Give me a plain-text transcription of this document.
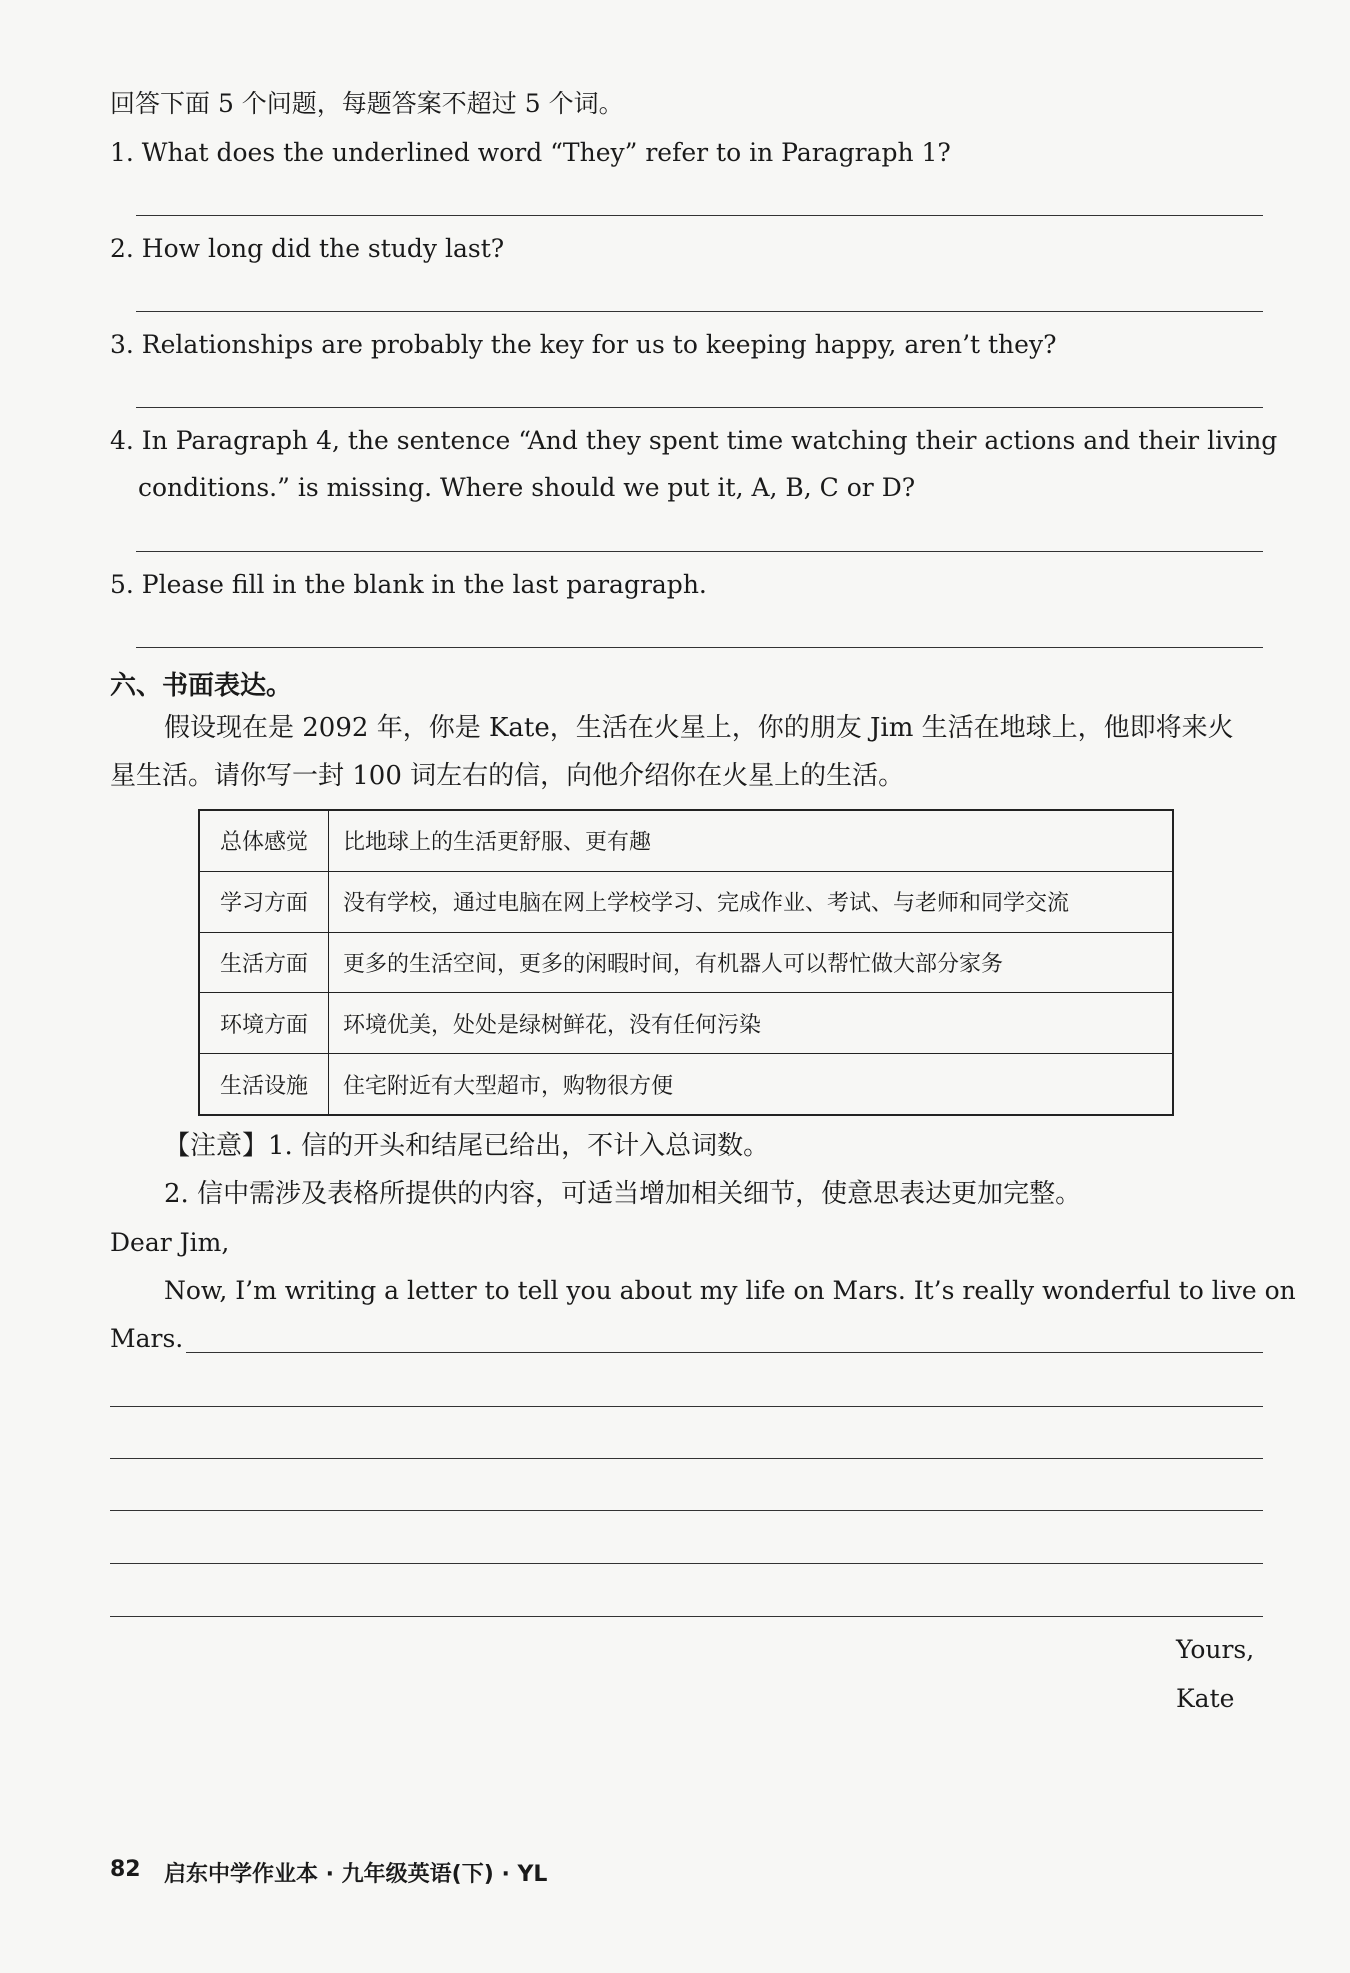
回答下面 5 个问题，每题答案不超过 5 个词。
1. What does the underlined word “They” refer to in Paragraph 1?
2. How long did the study last?
3. Relationships are probably the key for us to keeping happy, aren’t they?
4. In Paragraph 4, the sentence “And they spent time watching their actions and their living
conditions.” is missing. Where should we put it, A, B, C or D?
5. Please fill in the blank in the last paragraph.
六、书面表达。
假设现在是 2092 年，你是 Kate，生活在火星上，你的朋友 Jim 生活在地球上，他即将来火
星生活。请你写一封 100 词左右的信，向他介绍你在火星上的生活。
总体感觉	比地球上的生活更舒服、更有趣
学习方面	没有学校，通过电脑在网上学校学习、完成作业、考试、与老师和同学交流
生活方面	更多的生活空间，更多的闲暇时间，有机器人可以帮忙做大部分家务
环境方面	环境优美，处处是绿树鲜花，没有任何污染
生活设施	住宅附近有大型超市，购物很方便
【注意】1. 信的开头和结尾已给出，不计入总词数。
2. 信中需涉及表格所提供的内容，可适当增加相关细节，使意思表达更加完整。
Dear Jim,
Now, I’m writing a letter to tell you about my life on Mars. It’s really wonderful to live on
Mars.
Yours,
Kate
82 启东中学作业本 · 九年级英语(下) · YL
